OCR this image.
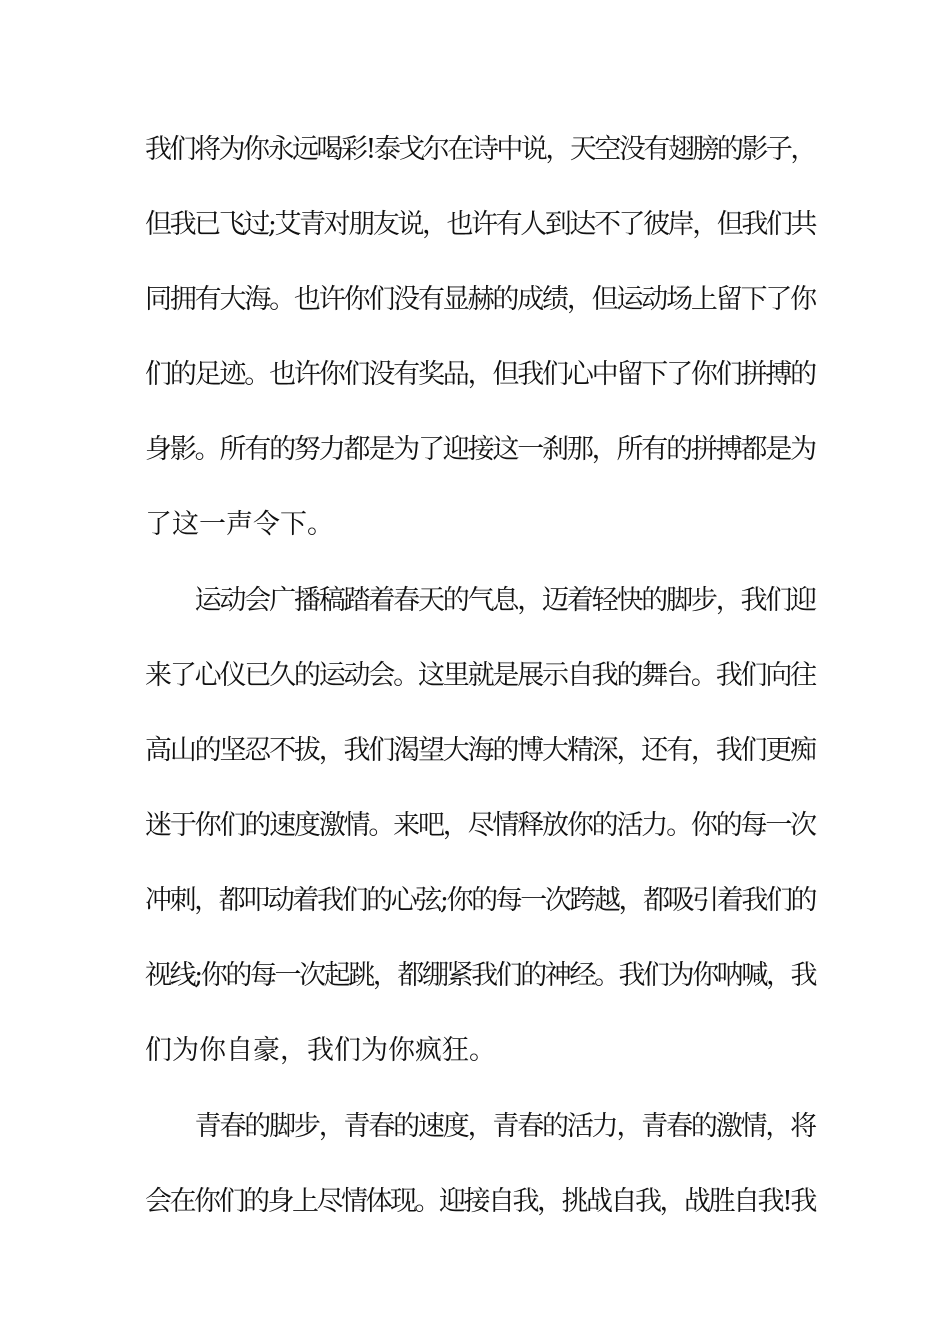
我们将为你永远喝彩!泰戈尔在诗中说，天空没有翅膀的影子，
但我已飞过;艾青对朋友说，也许有人到达不了彼岸，但我们共
同拥有大海。也许你们没有显赫的成绩，但运动场上留下了你
们的足迹。也许你们没有奖品，但我们心中留下了你们拼搏的
身影。所有的努力都是为了迎接这一刹那，所有的拼搏都是为
了这一声令下。
　　运动会广播稿踏着春天的气息，迈着轻快的脚步，我们迎
来了心仪已久的运动会。这里就是展示自我的舞台。我们向往
高山的坚忍不拔，我们渴望大海的博大精深，还有，我们更痴
迷于你们的速度激情。来吧，尽情释放你的活力。你的每一次
冲刺，都叩动着我们的心弦;你的每一次跨越，都吸引着我们的
视线;你的每一次起跳，都绷紧我们的神经。我们为你呐喊，我
们为你自豪，我们为你疯狂。
　　青春的脚步，青春的速度，青春的活力，青春的激情，将
会在你们的身上尽情体现。迎接自我，挑战自我，战胜自我!我
